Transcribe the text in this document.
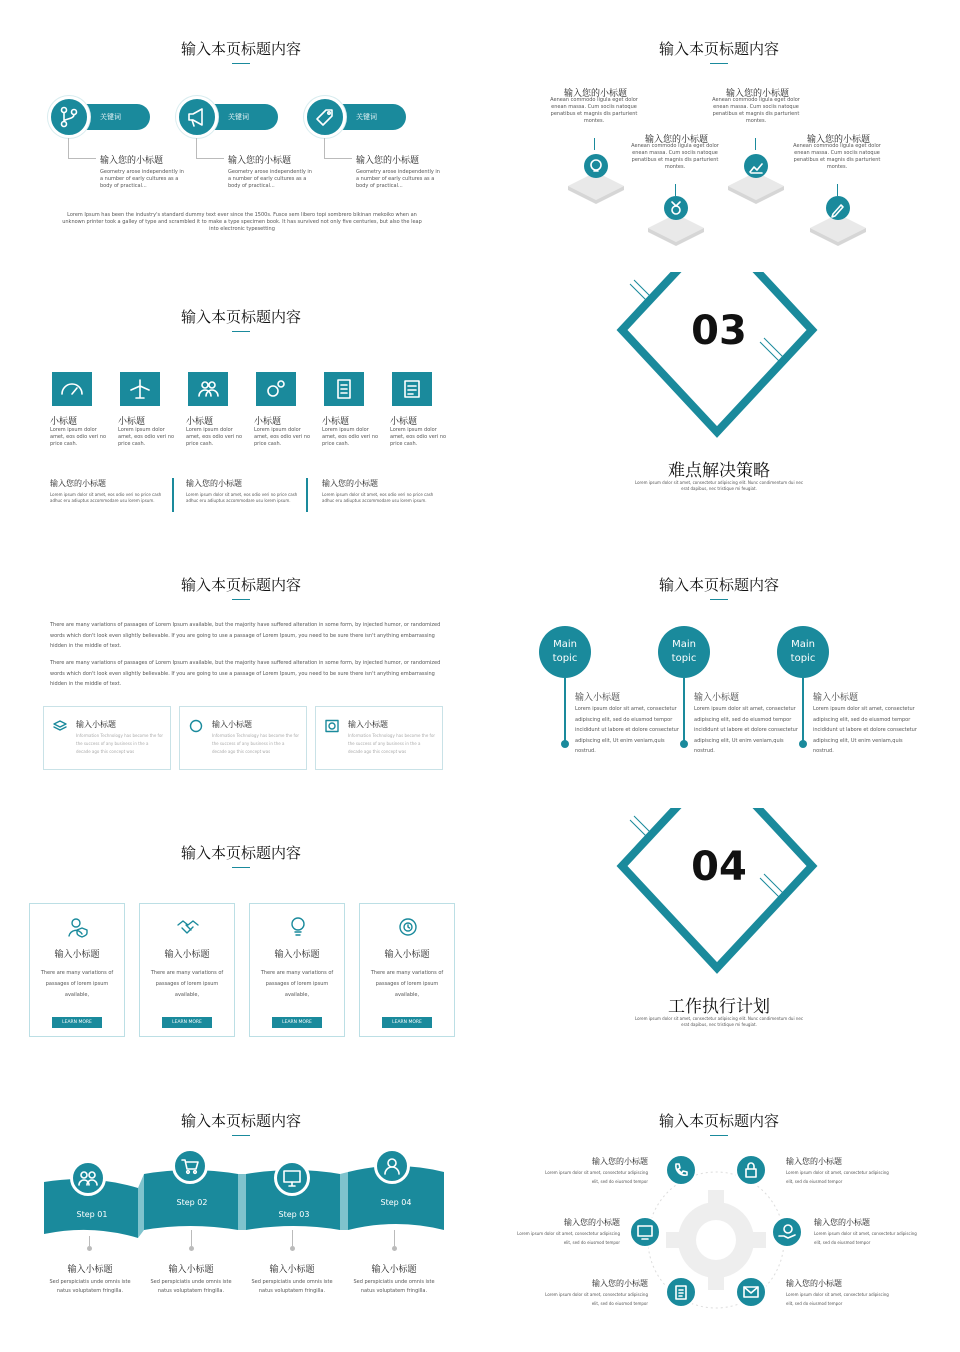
输入本页标题内容
关键词
输入您的小标题
Geometry arose independently in a number of early cultures as a body of practical...
关键词
输入您的小标题
Geometry arose independently in a number of early cultures as a body of practical...
关键词
输入您的小标题
Geometry arose independently in a number of early cultures as a body of practical...
Lorem Ipsum has been the industry's standard dummy text ever since the 1500s. Fusce sem libero topi sombrero bikinan mekoiko when an unknown printer took a galley of type and scrambled it to make a type specimen book. It has survived not only five centuries, but also the leap into electronic typesetting
输入本页标题内容
输入您的小标题
Aenean commodo ligula eget dolor enean massa. Cum sociis natoque penatibus et magnis dis parturient montes.
输入您的小标题
Aenean commodo ligula eget dolor enean massa. Cum sociis natoque penatibus et magnis dis parturient montes.
输入您的小标题
Aenean commodo ligula eget dolor enean massa. Cum sociis natoque penatibus et magnis dis parturient montes.
输入您的小标题
Aenean commodo ligula eget dolor enean massa. Cum sociis natoque penatibus et magnis dis parturient montes.
输入本页标题内容
小标题
Lorem ipsum dolor amet, eos odio veri no price cash.
小标题
Lorem ipsum dolor amet, eos odio veri no price cash.
小标题
Lorem ipsum dolor amet, eos odio veri no price cash.
小标题
Lorem ipsum dolor amet, eos odio veri no price cash.
小标题
Lorem ipsum dolor amet, eos odio veri no price cash.
小标题
Lorem ipsum dolor amet, eos odio veri no price cash.
输入您的小标题
Lorem ipsum dolor sit amet, eos odio veri no price cash adhuc eru adiuptus accommodare usu lorem ipsum.
输入您的小标题
Lorem ipsum dolor sit amet, eos odio veri no price cash adhuc eru adiuptus accommodare usu lorem ipsum.
输入您的小标题
Lorem ipsum dolor sit amet, eos odio veri no price cash adhuc eru adiuptus accommodare usu lorem ipsum.
03
难点解决策略
Lorem ipsum dolor sit amet, consectetur adipiscing elit. Nunc condimentum dui nec erat dapibus, nec tristique mi feugiat.
输入本页标题内容
There are many variations of passages of Lorem Ipsum available, but the majority have suffered alteration in some form, by injected humor, or randomized words which don't look even slightly believable. If you are going to use a passage of Lorem Ipsum, you need to be sure there isn't anything embarrassing hidden in the middle of text.
There are many variations of passages of Lorem Ipsum available, but the majority have suffered alteration in some form, by injected humor, or randomized words which don't look even slightly believable. If you are going to use a passage of Lorem Ipsum, you need to be sure there isn't anything embarrassing hidden in the middle of text.
输入小标题
Information Technology has become the for the success of any business in the a decade ago this concept was
输入小标题
Information Technology has become the for the success of any business in the a decade ago this concept was
输入小标题
Information Technology has become the for the success of any business in the a decade ago this concept was
输入本页标题内容
Main
topic
输入小标题
Lorem ipsum dolor sit amet, consectetur adipiscing elit, sed do eiusmod tempor incididunt ut labore et dolore consectetur adipiscing elit, Ut enim veniam,quis nostrud.
Main
topic
输入小标题
Lorem ipsum dolor sit amet, consectetur adipiscing elit, sed do eiusmod tempor incididunt ut labore et dolore consectetur adipiscing elit, Ut enim veniam,quis nostrud.
Main
topic
输入小标题
Lorem ipsum dolor sit amet, consectetur adipiscing elit, sed do eiusmod tempor incididunt ut labore et dolore consectetur adipiscing elit, Ut enim veniam,quis nostrud.
输入本页标题内容
输入小标题
There are many variations of passages of lorem ipsum available,
LEARN MORE
输入小标题
There are many variations of passages of lorem ipsum available,
LEARN MORE
输入小标题
There are many variations of passages of lorem ipsum available,
LEARN MORE
输入小标题
There are many variations of passages of lorem ipsum available,
LEARN MORE
04
工作执行计划
Lorem ipsum dolor sit amet, consectetur adipiscing elit. Nunc condimentum dui nec erat dapibus, nec tristique mi feugiat.
输入本页标题内容
Step 01
Step 02
Step 03
Step 04
输入小标题
Sed perspiciatis unde omnis iste natus voluptatem fringilla.
输入小标题
Sed perspiciatis unde omnis iste natus voluptatem fringilla.
输入小标题
Sed perspiciatis unde omnis iste natus voluptatem fringilla.
输入小标题
Sed perspiciatis unde omnis iste natus voluptatem fringilla.
输入本页标题内容
输入您的小标题
Lorem ipsum dolor sit amet, consectetur adipiscing elit, sed do eiusmod tempor
输入您的小标题
Lorem ipsum dolor sit amet, consectetur adipiscing elit, sed do eiusmod tempor
输入您的小标题
Lorem ipsum dolor sit amet, consectetur adipiscing elit, sed do eiusmod tempor
输入您的小标题
Lorem ipsum dolor sit amet, consectetur adipiscing elit, sed do eiusmod tempor
输入您的小标题
Lorem ipsum dolor sit amet, consectetur adipiscing elit, sed do eiusmod tempor
输入您的小标题
Lorem ipsum dolor sit amet, consectetur adipiscing elit, sed do eiusmod tempor
